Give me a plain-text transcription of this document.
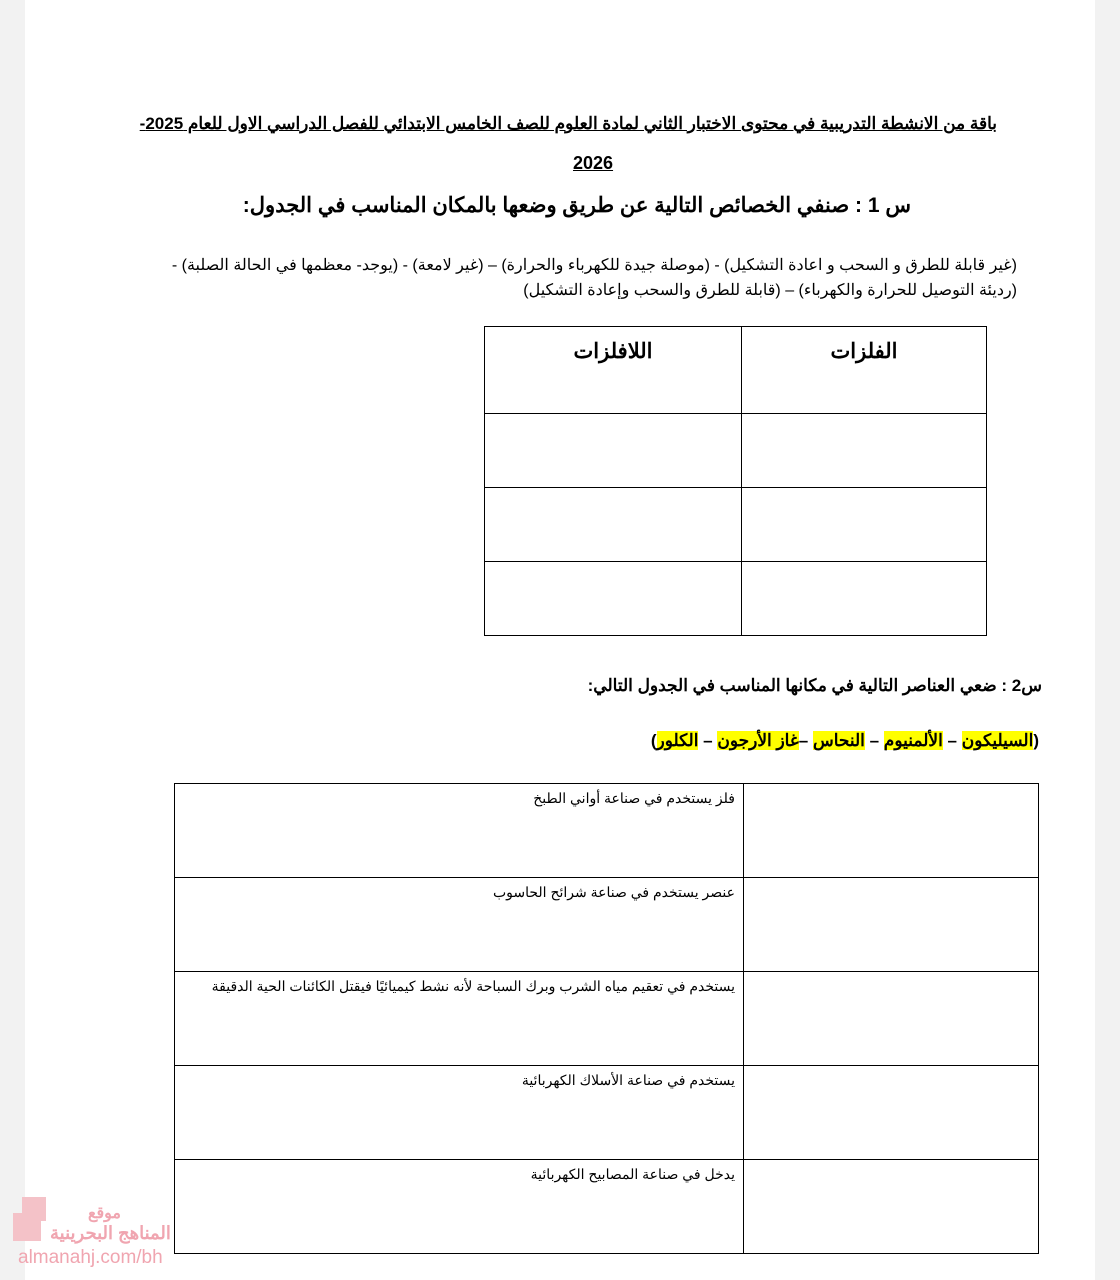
باقة من الانشطة التدريبية في محتوى الاختبار الثاني لمادة العلوم للصف الخامس الابتدائي للفصل الدراسي الاول للعام 2025-
2026
س 1 : صنفي الخصائص التالية عن طريق وضعها بالمكان المناسب في الجدول:
(غير قابلة للطرق و السحب و اعادة التشكيل) - (موصلة جيدة للكهرباء والحرارة) – (غير لامعة) - (يوجد- معظمها في الحالة الصلبة) -(رديئة التوصيل للحرارة والكهرباء) – (قابلة للطرق والسحب وإعادة التشكيل)
الفلزات	اللافلزات

س2 : ضعي العناصر التالية في مكانها المناسب في الجدول التالي:
(السيليكون – الألمنيوم – النحاس –غاز الأرجون – الكلور)
	فلز يستخدم في صناعة أواني الطبخ
	عنصر يستخدم في صناعة شرائح الحاسوب
	يستخدم في تعقيم مياه الشرب وبرك السباحة لأنه نشط كيميائيًا فيقتل الكائنات الحية الدقيقة
	يستخدم في صناعة الأسلاك الكهربائية
	يدخل في صناعة المصابيح الكهربائية
موقع
المناهج البحرينية
almanahj.com/bh
